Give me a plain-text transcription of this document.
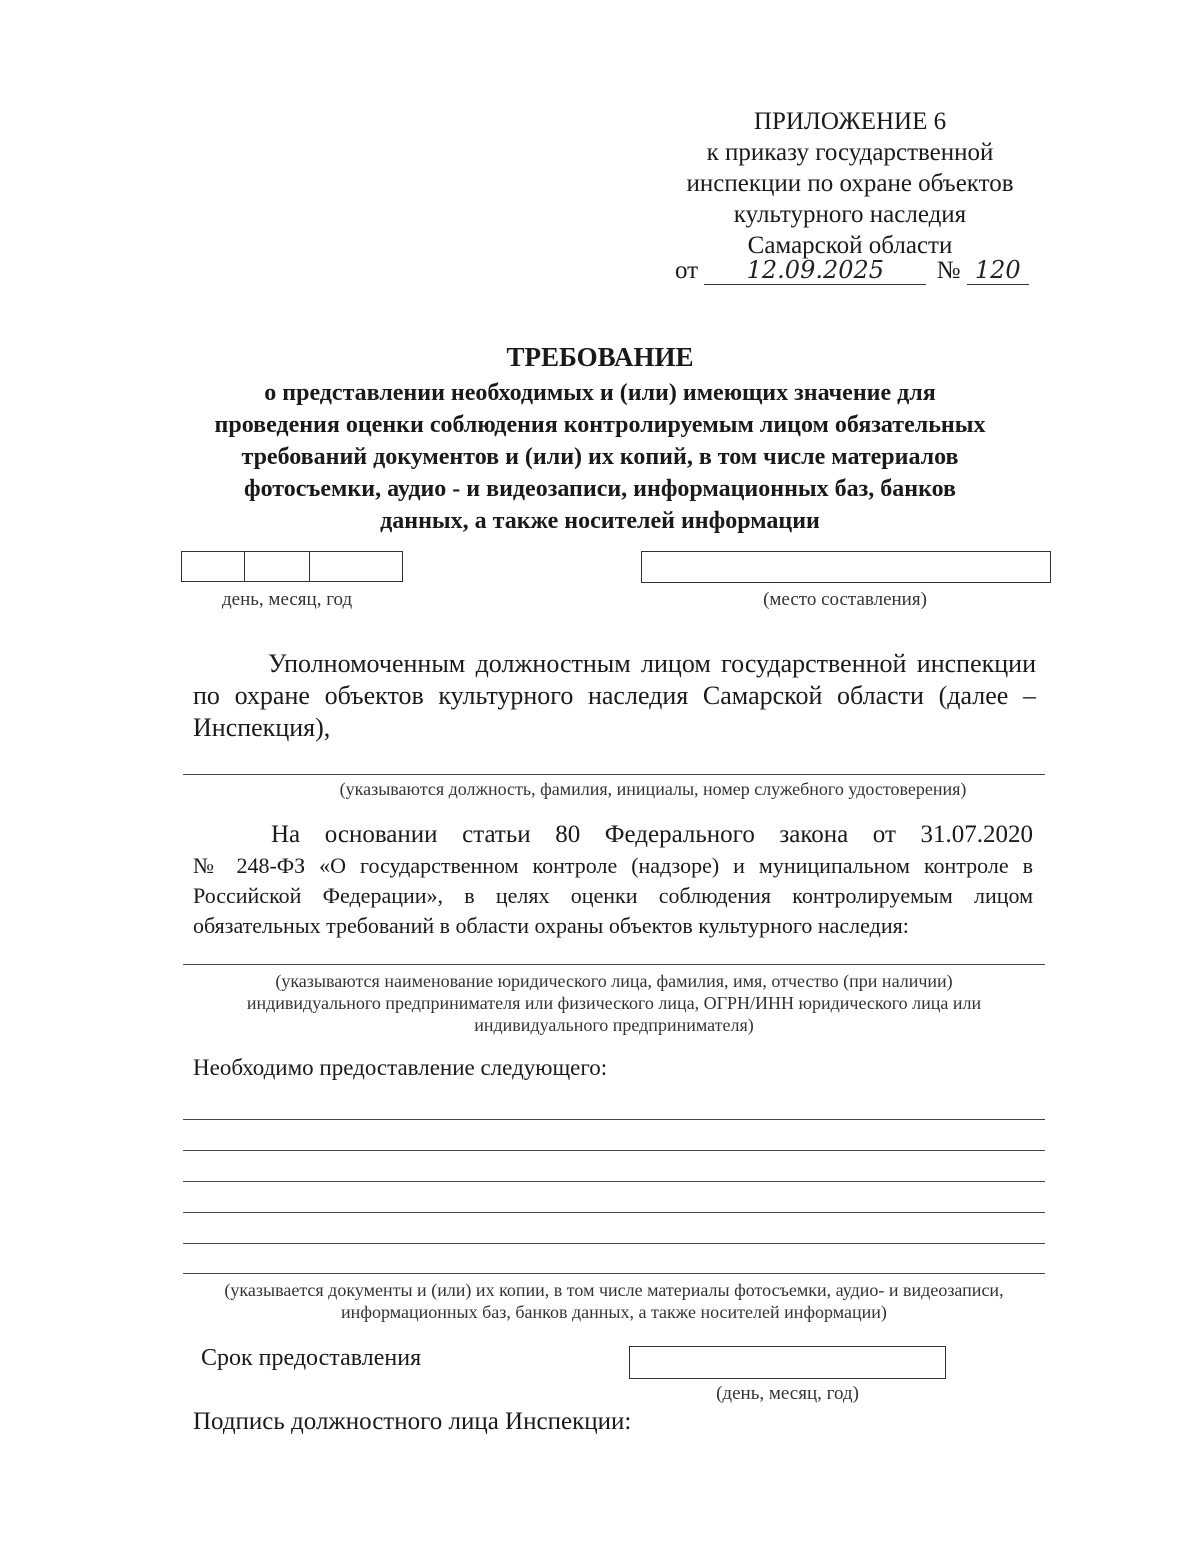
ПРИЛОЖЕНИЕ 6
к приказу государственной
инспекции по охране объектов
культурного наследия
Самарской области
от 12.09.2025 № 120
ТРЕБОВАНИЕ
о представлении необходимых и (или) имеющих значение для
проведения оценки соблюдения контролируемым лицом обязательных
требований документов и (или) их копий, в том числе материалов
фотосъемки, аудио - и видеозаписи, информационных баз, банков
данных, а также носителей информации
день, месяц, год	(место составления)
Уполномоченным должностным лицом государственной инспекции
по охране объектов культурного наследия Самарской области (далее –
Инспекция),
(указываются должность, фамилия, инициалы, номер служебного удостоверения)
На основании статьи 80 Федерального закона от 31.07.2020
№ 248-ФЗ «О государственном контроле (надзоре) и муниципальном контроле в
Российской Федерации», в целях оценки соблюдения контролируемым лицом
обязательных требований в области охраны объектов культурного наследия:
(указываются наименование юридического лица, фамилия, имя, отчество (при наличии)
индивидуального предпринимателя или физического лица, ОГРН/ИНН юридического лица или
индивидуального предпринимателя)
Необходимо предоставление следующего:
(указывается документы и (или) их копии, в том числе материалы фотосъемки, аудио- и видеозаписи,
информационных баз, банков данных, а также носителей информации)
Срок предоставления
(день, месяц, год)
Подпись должностного лица Инспекции:
